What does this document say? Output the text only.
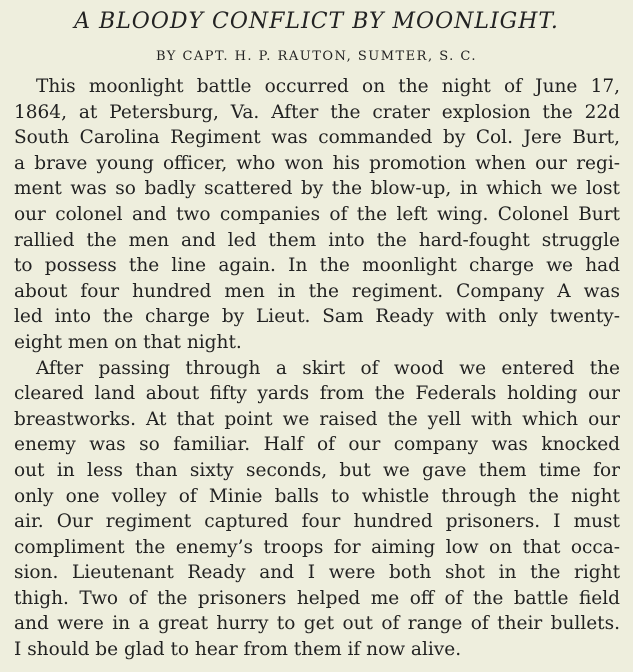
A BLOODY CONFLICT BY MOONLIGHT.
BY CAPT. H. P. RAUTON, SUMTER, S. C.
This moonlight battle occurred on the night of June 17,
1864, at Petersburg, Va. After the crater explosion the 22d
South Carolina Regiment was commanded by Col. Jere Burt,
a brave young officer, who won his promotion when our regi-
ment was so badly scattered by the blow-up, in which we lost
our colonel and two companies of the left wing. Colonel Burt
rallied the men and led them into the hard-fought struggle
to possess the line again. In the moonlight charge we had
about four hundred men in the regiment. Company A was
led into the charge by Lieut. Sam Ready with only twenty-
eight men on that night.
After passing through a skirt of wood we entered the
cleared land about fifty yards from the Federals holding our
breastworks. At that point we raised the yell with which our
enemy was so familiar. Half of our company was knocked
out in less than sixty seconds, but we gave them time for
only one volley of Minie balls to whistle through the night
air. Our regiment captured four hundred prisoners. I must
compliment the enemy’s troops for aiming low on that occa-
sion. Lieutenant Ready and I were both shot in the right
thigh. Two of the prisoners helped me off of the battle field
and were in a great hurry to get out of range of their bullets.
I should be glad to hear from them if now alive.
